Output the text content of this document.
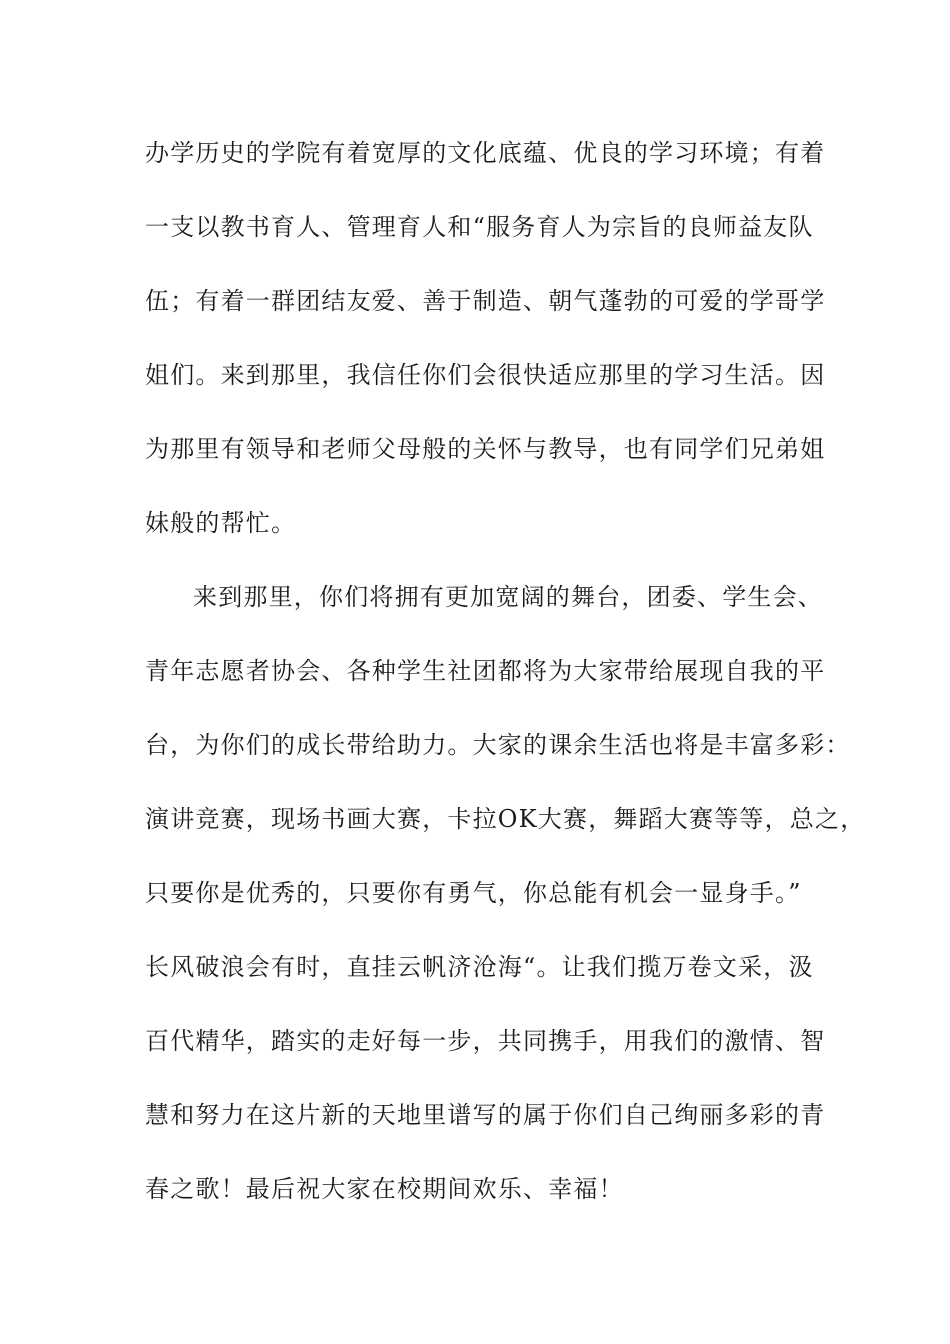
办学历史的学院有着宽厚的文化底蕴、优良的学习环境；有着
一支以教书育人、管理育人和“服务育人为宗旨的良师益友队
伍；有着一群团结友爱、善于制造、朝气蓬勃的可爱的学哥学
姐们。来到那里，我信任你们会很快适应那里的学习生活。因
为那里有领导和老师父母般的关怀与教导，也有同学们兄弟姐
妹般的帮忙。
来到那里，你们将拥有更加宽阔的舞台，团委、学生会、
青年志愿者协会、各种学生社团都将为大家带给展现自我的平
台，为你们的成长带给助力。大家的课余生活也将是丰富多彩：
演讲竞赛，现场书画大赛，卡拉OK大赛，舞蹈大赛等等，总之，
只要你是优秀的，只要你有勇气，你总能有机会一显身手。”
长风破浪会有时，直挂云帆济沧海“。让我们揽万卷文采，汲
百代精华，踏实的走好每一步，共同携手，用我们的激情、智
慧和努力在这片新的天地里谱写的属于你们自己绚丽多彩的青
春之歌！最后祝大家在校期间欢乐、幸福！
